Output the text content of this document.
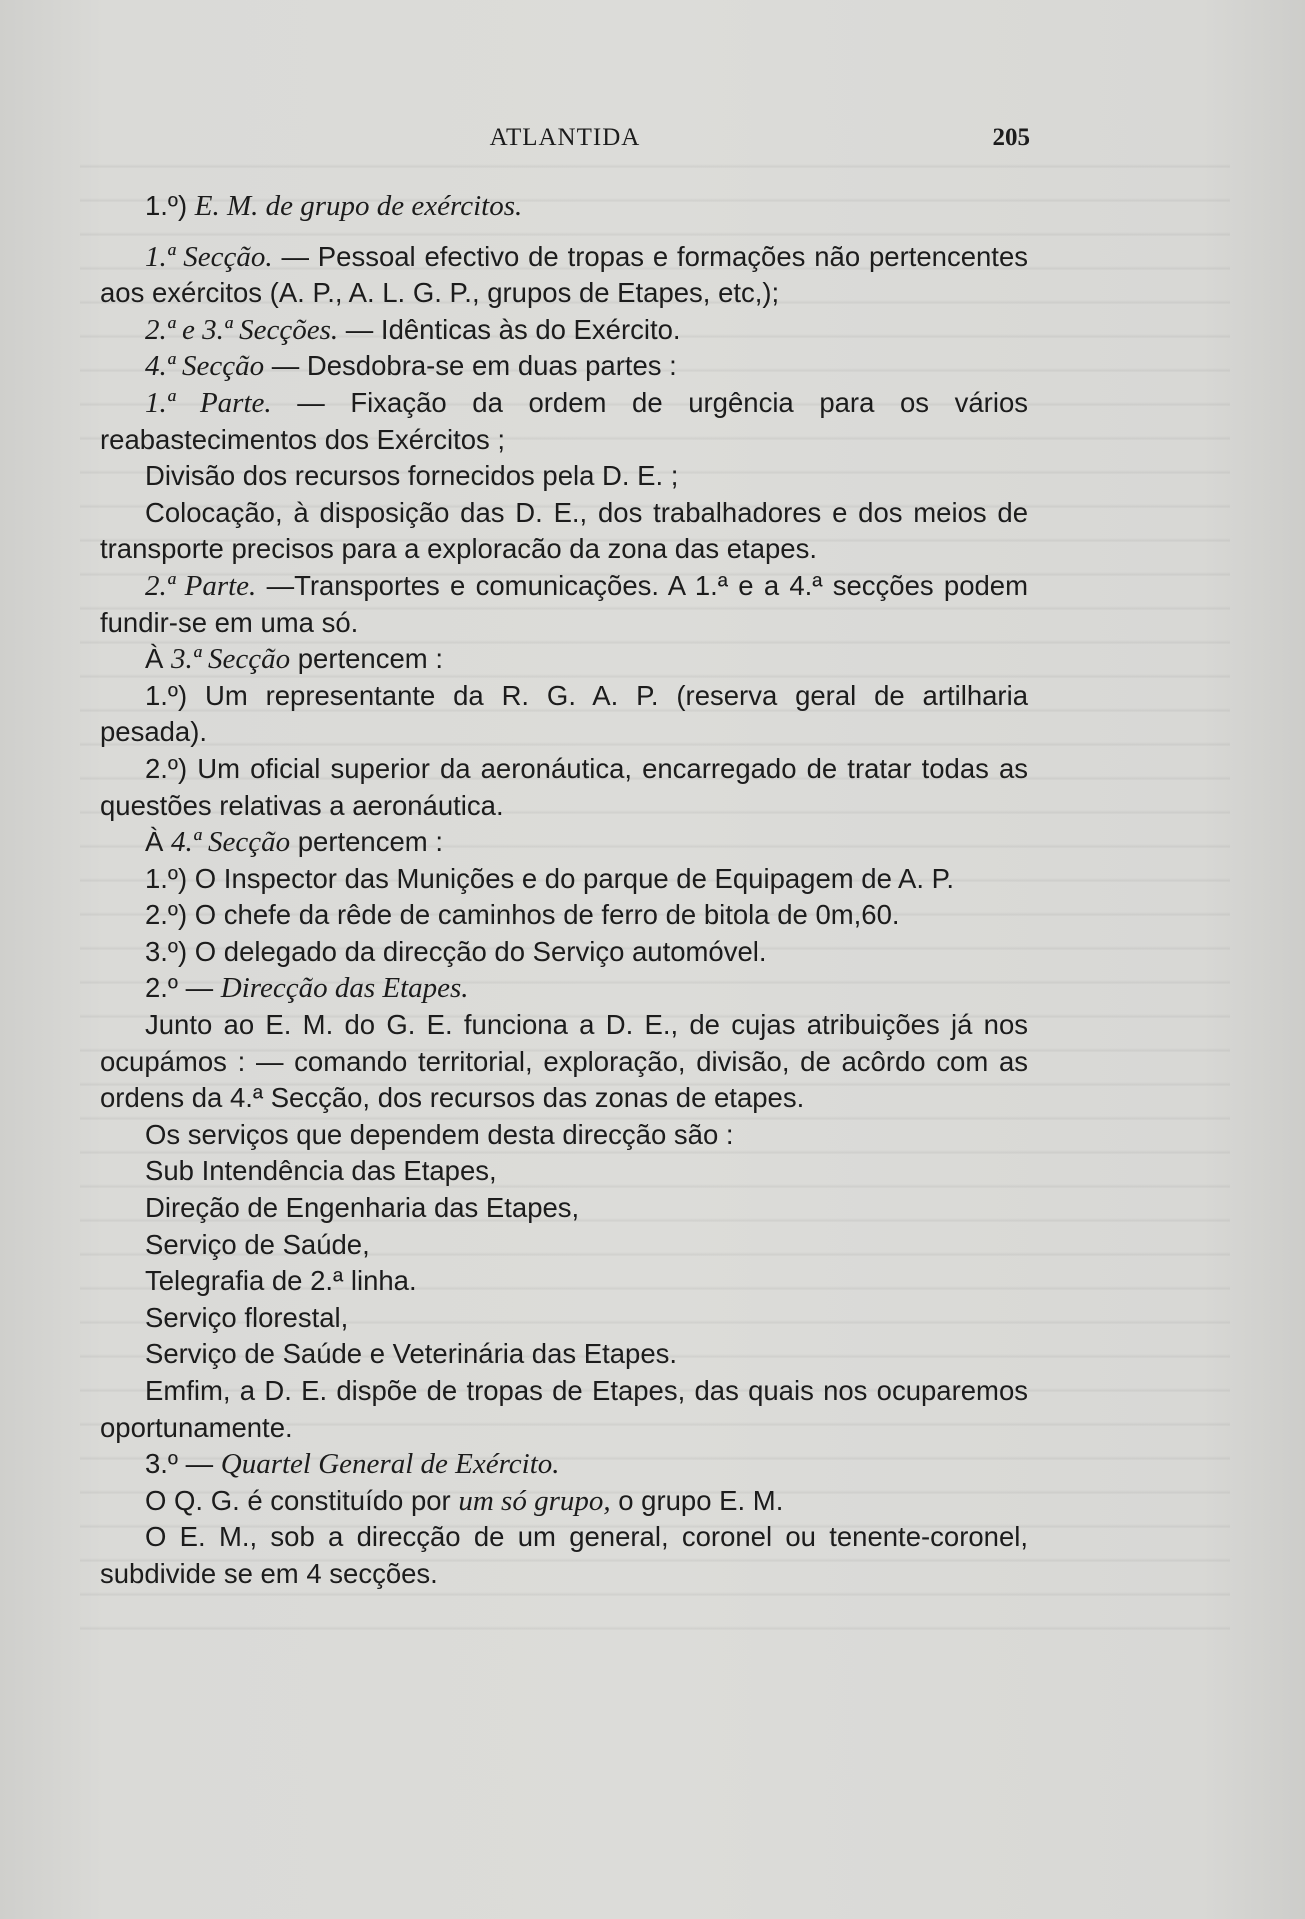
ATLANTIDA	205

1.º) E. M. de grupo de exércitos.

1.ª Secção. — Pessoal efectivo de tropas e formações não pertencentes aos exércitos (A. P., A. L. G. P., grupos de Etapes, etc,);

2.ª e 3.ª Secções. — Idênticas às do Exército.

4.ª Secção — Desdobra-se em duas partes :

1.ª Parte. — Fixação da ordem de urgência para os vários reabastecimentos dos Exércitos ;

Divisão dos recursos fornecidos pela D. E. ;

Colocação, à disposição das D. E., dos trabalhadores e dos meios de transporte precisos para a exploracão da zona das etapes.

2.ª Parte. —Transportes e comunicações. A 1.ª e a 4.ª secções podem fundir-se em uma só.

À 3.ª Secção pertencem :

1.º) Um representante da R. G. A. P. (reserva geral de artilharia pesada).

2.º) Um oficial superior da aeronáutica, encarregado de tratar todas as questões relativas a aeronáutica.

À 4.ª Secção pertencem :

1.º) O Inspector das Munições e do parque de Equipagem de A. P.

2.º) O chefe da rêde de caminhos de ferro de bitola de 0m,60.

3.º) O delegado da direcção do Serviço automóvel.

2.º — Direcção das Etapes.

Junto ao E. M. do G. E. funciona a D. E., de cujas atribuições já nos ocupámos : — comando territorial, exploração, divisão, de acôrdo com as ordens da 4.ª Secção, dos recursos das zonas de etapes.

Os serviços que dependem desta direcção são :

Sub Intendência das Etapes,

Direção de Engenharia das Etapes,

Serviço de Saúde,

Telegrafia de 2.ª linha.

Serviço florestal,

Serviço de Saúde e Veterinária das Etapes.

Emfim, a D. E. dispõe de tropas de Etapes, das quais nos ocuparemos oportunamente.

3.º — Quartel General de Exército.

O Q. G. é constituído por um só grupo, o grupo E. M.

O E. M., sob a direcção de um general, coronel ou tenente-coronel, subdivide se em 4 secções.
